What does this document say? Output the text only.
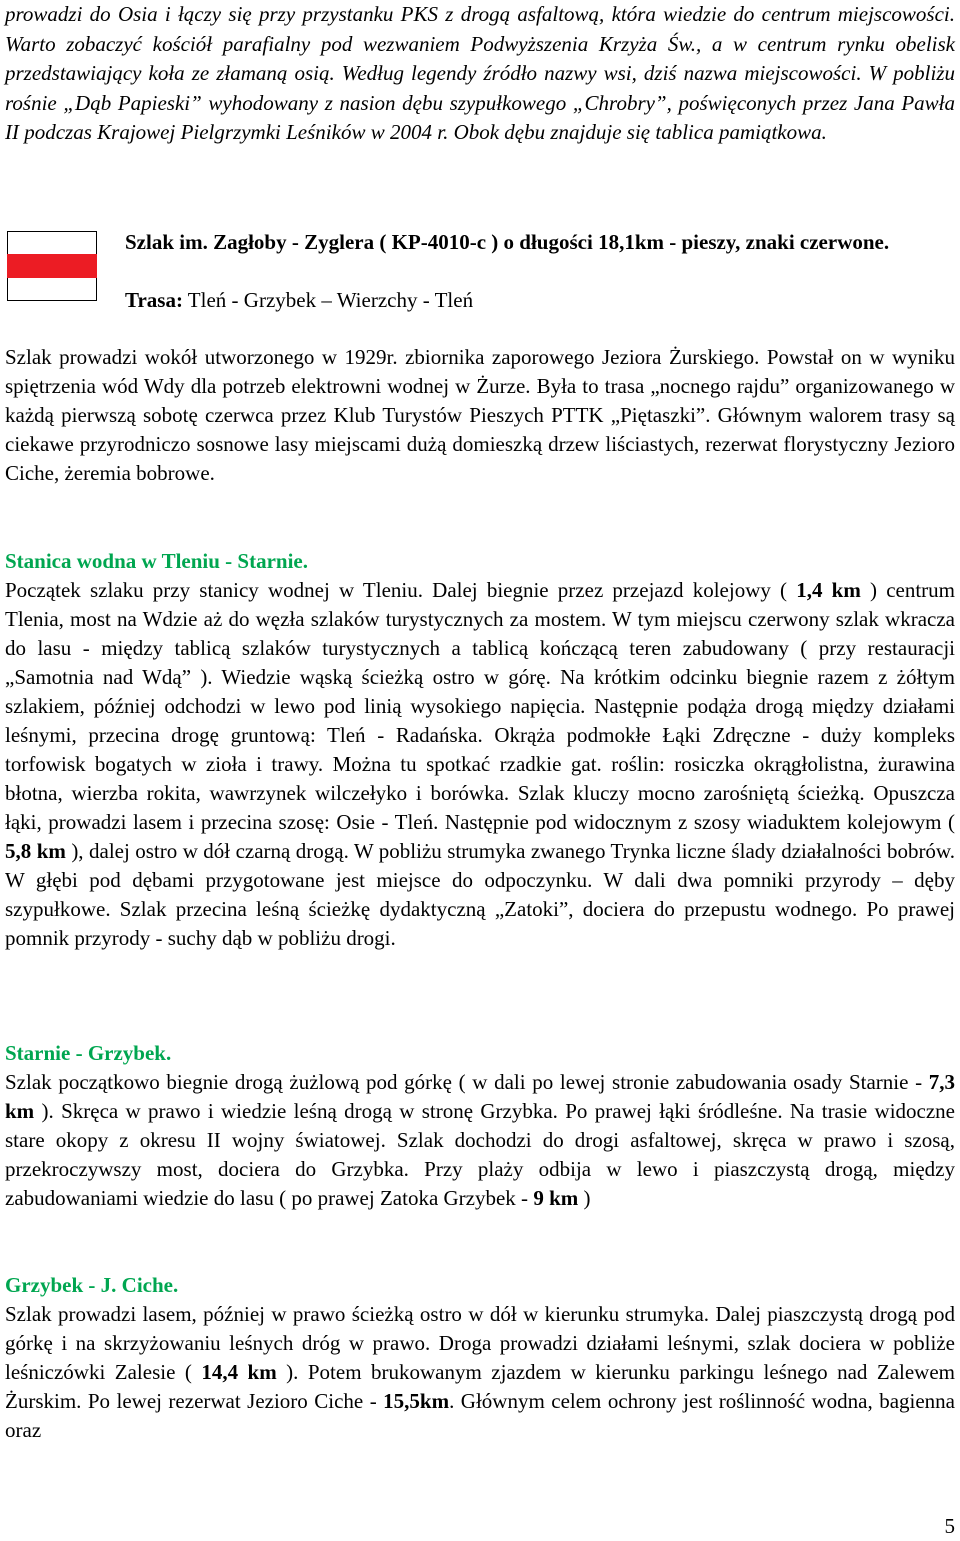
prowadzi do Osia i łączy się przy przystanku PKS z drogą asfaltową, która wiedzie do centrum miejscowości. Warto zobaczyć kościół parafialny pod wezwaniem Podwyższenia Krzyża Św., a w centrum rynku obelisk przedstawiający koła ze złamaną osią. Według legendy źródło nazwy wsi, dziś nazwa miejscowości. W pobliżu rośnie „Dąb Papieski” wyhodowany z nasion dębu szypułkowego „Chrobry”, poświęconych przez Jana Pawła II podczas Krajowej Pielgrzymki Leśników w 2004 r. Obok dębu znajduje się tablica pamiątkowa.
Szlak im. Zagłoby - Zyglera ( KP-4010-c ) o długości 18,1km - pieszy, znaki czerwone.
Trasa: Tleń - Grzybek – Wierzchy - Tleń
Szlak prowadzi wokół utworzonego w 1929r. zbiornika zaporowego Jeziora Żurskiego. Powstał on w wyniku spiętrzenia wód Wdy dla potrzeb elektrowni wodnej w Żurze. Była to trasa „nocnego rajdu” organizowanego w każdą pierwszą sobotę czerwca przez Klub Turystów Pieszych PTTK „Piętaszki”. Głównym walorem trasy są ciekawe przyrodniczo sosnowe lasy miejscami dużą domieszką drzew liściastych, rezerwat florystyczny Jezioro Ciche, żeremia bobrowe.
Stanica wodna w Tleniu - Starnie.
Początek szlaku przy stanicy wodnej w Tleniu. Dalej biegnie przez przejazd kolejowy ( 1,4 km ) centrum Tlenia, most na Wdzie aż do węzła szlaków turystycznych za mostem. W tym miejscu czerwony szlak wkracza do lasu - między tablicą szlaków turystycznych a tablicą kończącą teren zabudowany ( przy restauracji „Samotnia nad Wdą” ). Wiedzie wąską ścieżką ostro w górę. Na krótkim odcinku biegnie razem z żółtym szlakiem, później odchodzi w lewo pod linią wysokiego napięcia. Następnie podąża drogą między działami leśnymi, przecina drogę gruntową: Tleń - Radańska. Okrąża podmokłe Łąki Zdręczne - duży kompleks torfowisk bogatych w zioła i trawy. Można tu spotkać rzadkie gat. roślin: rosiczka okrągłolistna, żurawina błotna, wierzba rokita, wawrzynek wilczełyko i borówka. Szlak kluczy mocno zarośniętą ścieżką. Opuszcza łąki, prowadzi lasem i przecina szosę: Osie - Tleń. Następnie pod widocznym z szosy wiaduktem kolejowym ( 5,8 km ), dalej ostro w dół czarną drogą. W pobliżu strumyka zwanego Trynka liczne ślady działalności bobrów. W głębi pod dębami przygotowane jest miejsce do odpoczynku. W dali dwa pomniki przyrody – dęby szypułkowe. Szlak przecina leśną ścieżkę dydaktyczną „Zatoki”, dociera do przepustu wodnego. Po prawej pomnik przyrody - suchy dąb w pobliżu drogi.
Starnie - Grzybek.
Szlak początkowo biegnie drogą żużlową pod górkę ( w dali po lewej stronie zabudowania osady Starnie - 7,3 km ). Skręca w prawo i wiedzie leśną drogą w stronę Grzybka. Po prawej łąki śródleśne. Na trasie widoczne stare okopy z okresu II wojny światowej. Szlak dochodzi do drogi asfaltowej, skręca w prawo i szosą, przekroczywszy most, dociera do Grzybka. Przy plaży odbija w lewo i piaszczystą drogą, między zabudowaniami wiedzie do lasu ( po prawej Zatoka Grzybek - 9 km )
Grzybek - J. Ciche.
Szlak prowadzi lasem, później w prawo ścieżką ostro w dół w kierunku strumyka. Dalej piaszczystą drogą pod górkę i na skrzyżowaniu leśnych dróg w prawo. Droga prowadzi działami leśnymi, szlak dociera w pobliże leśniczówki Zalesie ( 14,4 km ). Potem brukowanym zjazdem w kierunku parkingu leśnego nad Zalewem Żurskim. Po lewej rezerwat Jezioro Ciche - 15,5km. Głównym celem ochrony jest roślinność wodna, bagienna oraz
5
